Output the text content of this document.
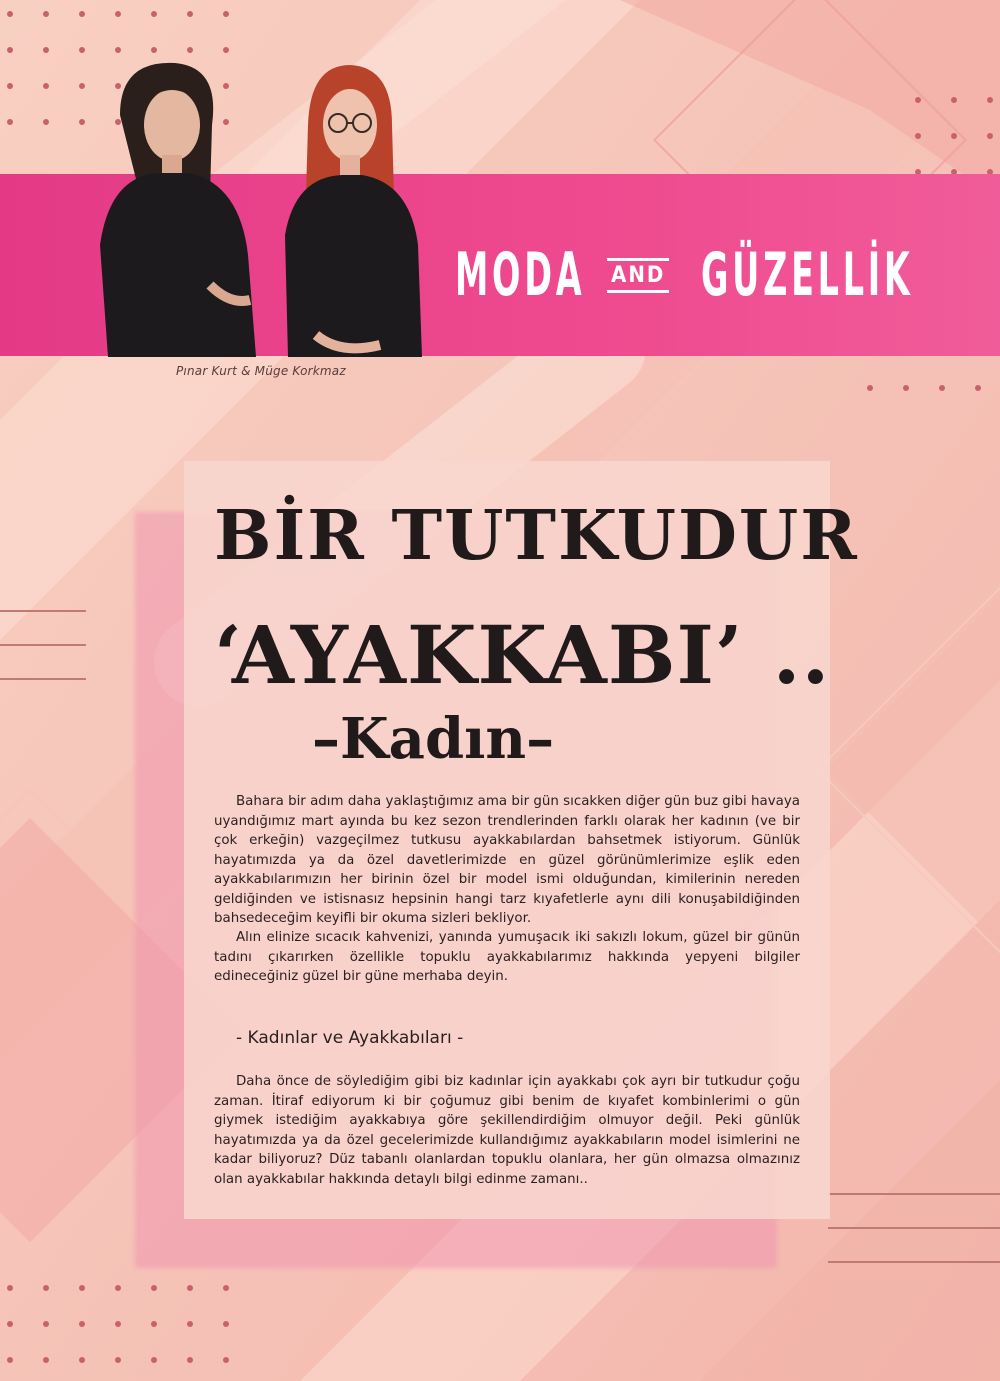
MODA AND GÜZELLİK
Pınar Kurt & Müge Korkmaz
BİR TUTKUDUR
‘AYAKKABI’ ..
–Kadın–

Bahara bir adım daha yaklaştığımız ama bir gün sıcakken diğer gün buz gibi havaya uyandığımız mart ayında bu kez sezon trendlerinden farklı olarak her kadının (ve bir çok erkeğin) vazgeçilmez tutkusu ayakkabılardan bahsetmek istiyorum. Günlük hayatımızda ya da özel davetlerimizde en güzel görünümlerimize eşlik eden ayakkabılarımızın her birinin özel bir model ismi olduğundan, kimilerinin nereden geldiğinden ve istisnasız hepsinin hangi tarz kıyafetlerle aynı dili konuşabildiğinden bahsedeceğim keyifli bir okuma sizleri bekliyor.

Alın elinize sıcacık kahvenizi, yanında yumuşacık iki sakızlı lokum, güzel bir günün tadını çıkarırken özellikle topuklu ayakkabılarımız hakkında yepyeni bilgiler edineceğiniz güzel bir güne merhaba deyin.

- Kadınlar ve Ayakkabıları -

Daha önce de söylediğim gibi biz kadınlar için ayakkabı çok ayrı bir tutkudur çoğu zaman. İtiraf ediyorum ki bir çoğumuz gibi benim de kıyafet kombinlerimi o gün giymek istediğim ayakkabıya göre şekillendirdiğim olmuyor değil. Peki günlük hayatımızda ya da özel gecelerimizde kullandığımız ayakkabıların model isimlerini ne kadar biliyoruz? Düz tabanlı olanlardan topuklu olanlara, her gün olmazsa olmazınız olan ayakkabılar hakkında detaylı bilgi edinme zamanı..
